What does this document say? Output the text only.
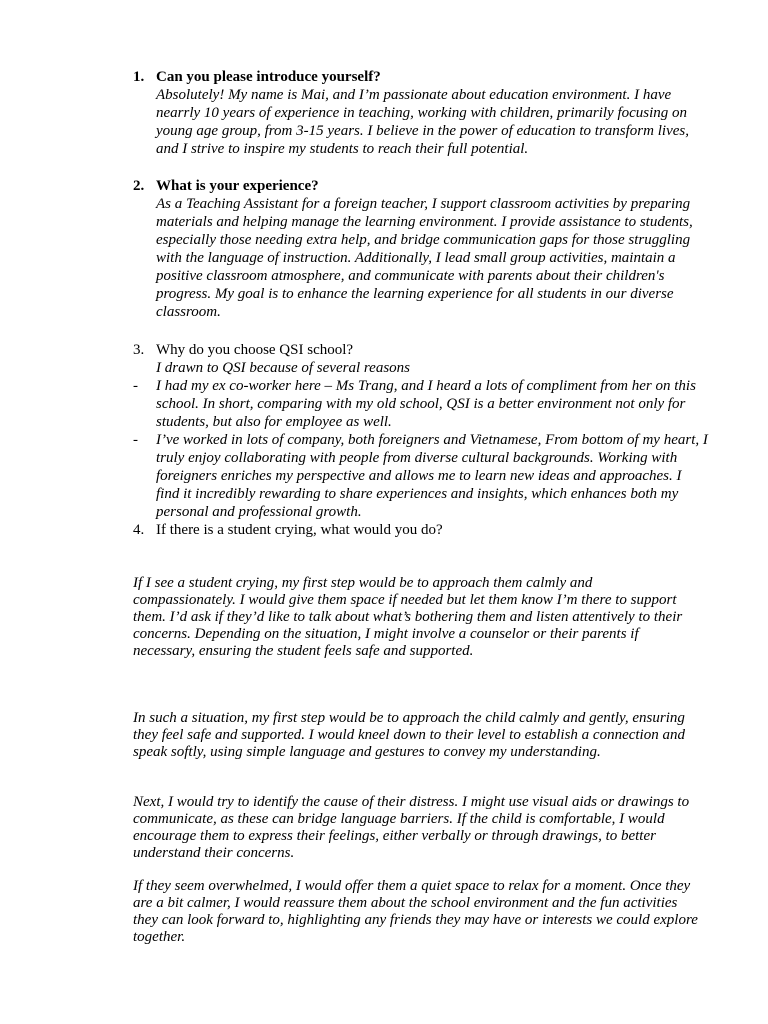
1. Can you please introduce yourself?
Absolutely! My name is Mai, and I’m passionate about education environment. I have nearrly 10 years of experience in teaching, working with children, primarily focusing on young age group, from 3-15 years. I believe in the power of education to transform lives, and I strive to inspire my students to reach their full potential.
2. What is your experience?
As a Teaching Assistant for a foreign teacher, I support classroom activities by preparing materials and helping manage the learning environment. I provide assistance to students, especially those needing extra help, and bridge communication gaps for those struggling with the language of instruction. Additionally, I lead small group activities, maintain a positive classroom atmosphere, and communicate with parents about their children's progress. My goal is to enhance the learning experience for all students in our diverse classroom.
3. Why do you choose QSI school?
I drawn to QSI because of several reasons
-	I had my ex co-worker here – Ms Trang, and I heard a lots of compliment from her on this school. In short, comparing with my old school, QSI is a better environment not only for students, but also for employee as well.
-	I’ve worked in lots of company, both foreigners and Vietnamese, From bottom of my heart, I truly enjoy collaborating with people from diverse cultural backgrounds. Working with foreigners enriches my perspective and allows me to learn new ideas and approaches. I find it incredibly rewarding to share experiences and insights, which enhances both my personal and professional growth.
4. If there is a student crying, what would you do?
If I see a student crying, my first step would be to approach them calmly and compassionately. I would give them space if needed but let them know I’m there to support them. I’d ask if they’d like to talk about what’s bothering them and listen attentively to their concerns. Depending on the situation, I might involve a counselor or their parents if necessary, ensuring the student feels safe and supported.
In such a situation, my first step would be to approach the child calmly and gently, ensuring they feel safe and supported. I would kneel down to their level to establish a connection and speak softly, using simple language and gestures to convey my understanding.
Next, I would try to identify the cause of their distress. I might use visual aids or drawings to communicate, as these can bridge language barriers. If the child is comfortable, I would encourage them to express their feelings, either verbally or through drawings, to better understand their concerns.
If they seem overwhelmed, I would offer them a quiet space to relax for a moment. Once they are a bit calmer, I would reassure them about the school environment and the fun activities they can look forward to, highlighting any friends they may have or interests we could explore together.
